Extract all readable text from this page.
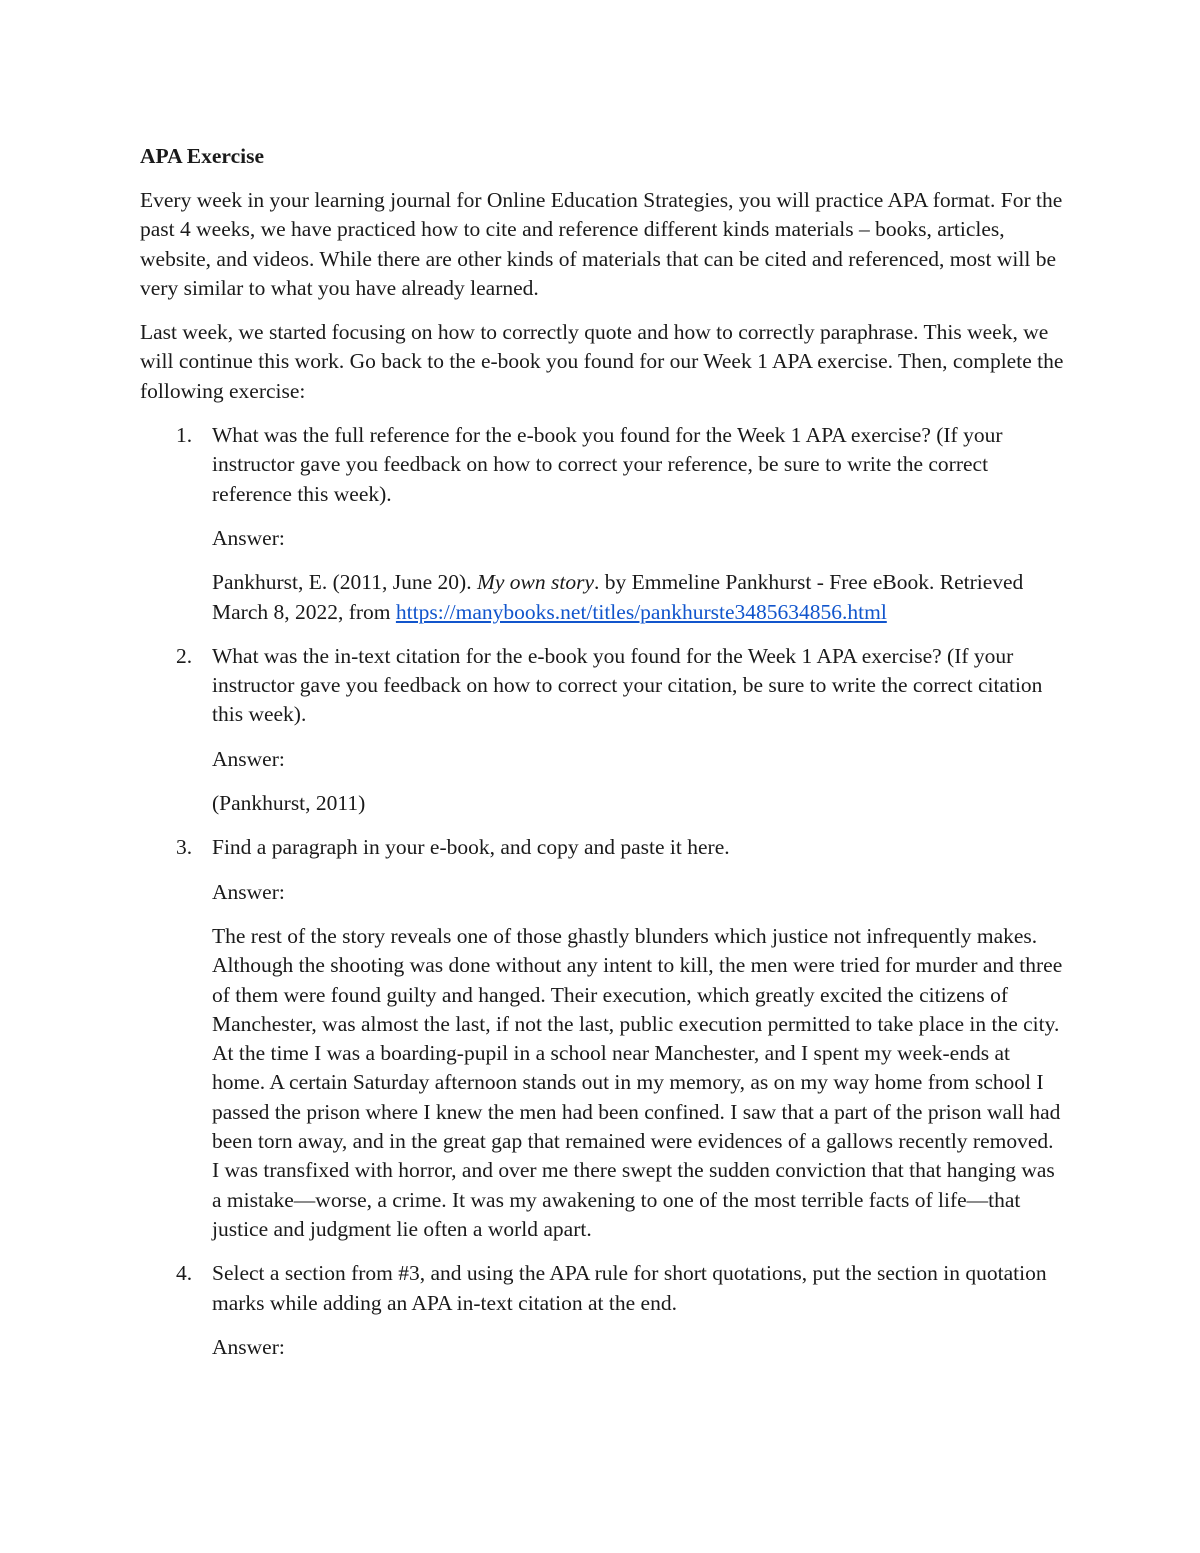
APA Exercise

Every week in your learning journal for Online Education Strategies, you will practice APA format. For the past 4 weeks, we have practiced how to cite and reference different kinds materials – books, articles, website, and videos. While there are other kinds of materials that can be cited and referenced, most will be very similar to what you have already learned.

Last week, we started focusing on how to correctly quote and how to correctly paraphrase. This week, we will continue this work. Go back to the e-book you found for our Week 1 APA exercise. Then, complete the following exercise:

1. What was the full reference for the e-book you found for the Week 1 APA exercise? (If your instructor gave you feedback on how to correct your reference, be sure to write the correct reference this week).

Answer:

Pankhurst, E. (2011, June 20). My own story. by Emmeline Pankhurst - Free eBook. Retrieved March 8, 2022, from https://manybooks.net/titles/pankhurste3485634856.html

2. What was the in-text citation for the e-book you found for the Week 1 APA exercise? (If your instructor gave you feedback on how to correct your citation, be sure to write the correct citation this week).

Answer:

(Pankhurst, 2011)

3. Find a paragraph in your e-book, and copy and paste it here.

Answer:

The rest of the story reveals one of those ghastly blunders which justice not infrequently makes. Although the shooting was done without any intent to kill, the men were tried for murder and three of them were found guilty and hanged. Their execution, which greatly excited the citizens of Manchester, was almost the last, if not the last, public execution permitted to take place in the city. At the time I was a boarding-pupil in a school near Manchester, and I spent my week-ends at home. A certain Saturday afternoon stands out in my memory, as on my way home from school I passed the prison where I knew the men had been confined. I saw that a part of the prison wall had been torn away, and in the great gap that remained were evidences of a gallows recently removed. I was transfixed with horror, and over me there swept the sudden conviction that that hanging was a mistake—worse, a crime. It was my awakening to one of the most terrible facts of life—that justice and judgment lie often a world apart.

4. Select a section from #3, and using the APA rule for short quotations, put the section in quotation marks while adding an APA in-text citation at the end.

Answer:
